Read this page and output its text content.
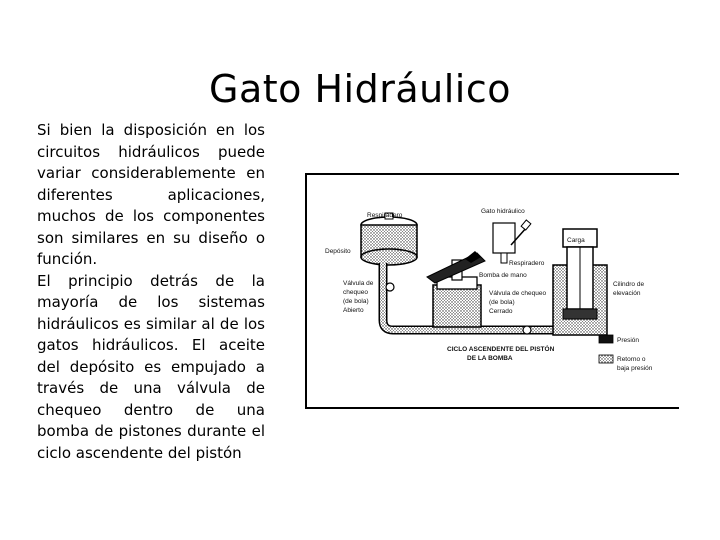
Gato Hidráulico

Si bien la disposición en los circuitos hidráulicos puede variar considerablemente en diferentes aplicaciones, muchos de los componentes son similares en su diseño o función.

El principio detrás de la mayoría de los sistemas hidráulicos es similar al de los gatos hidráulicos. El aceite del depósito es empujado a través de una válvula de chequeo dentro de una bomba de pistones durante el ciclo ascendente del pistón

Respiradero
Gato hidráulico
Depósito
Carga
Respiradero
Bomba de mano
Válvula de
chequeo
(de bola)
Abierto
Válvula de chequeo
(de bola)
Cerrado
Cilindro de
elevación
CICLO ASCENDENTE DEL PISTÓN
DE LA BOMBA
Presión
Retorno o
baja presión
